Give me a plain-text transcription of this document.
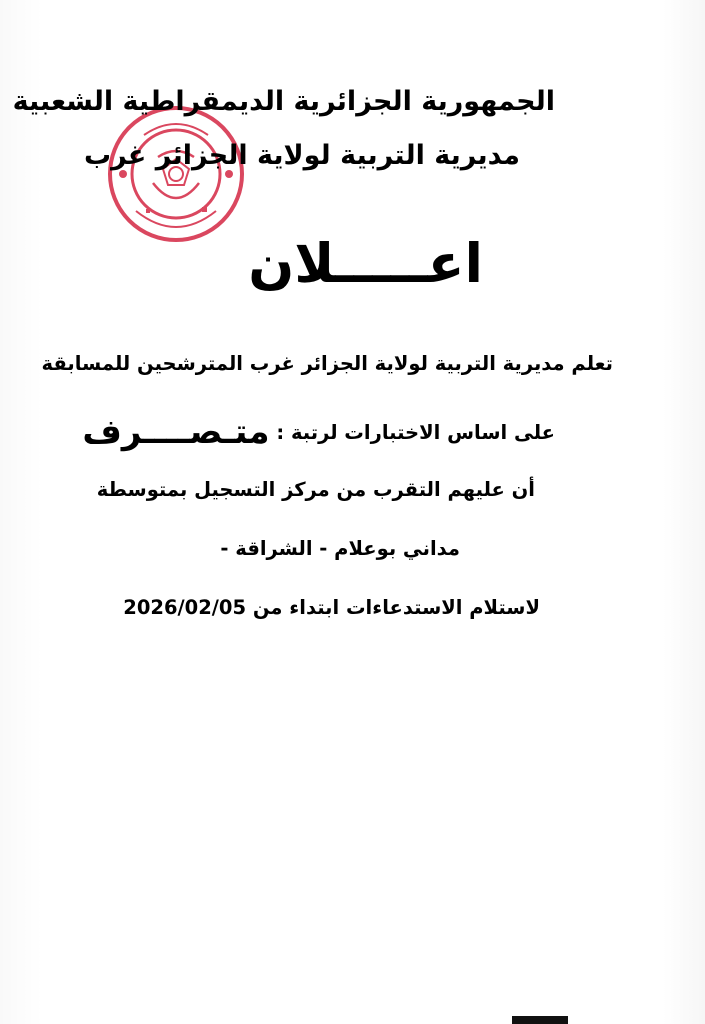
الجمهورية الجزائرية الديمقراطية الشعبية
مديرية التربية لولاية الجزائر غرب
اعـــــلان
تعلم مديرية التربية لولاية الجزائر غرب المترشحين للمسابقة
على اساس الاختبارات لرتبة : متـصــــرف
أن عليهم التقرب من مركز التسجيل بمتوسطة
مداني بوعلام - الشراقة -
لاستلام الاستدعاءات ابتداء من 2026/02/05
